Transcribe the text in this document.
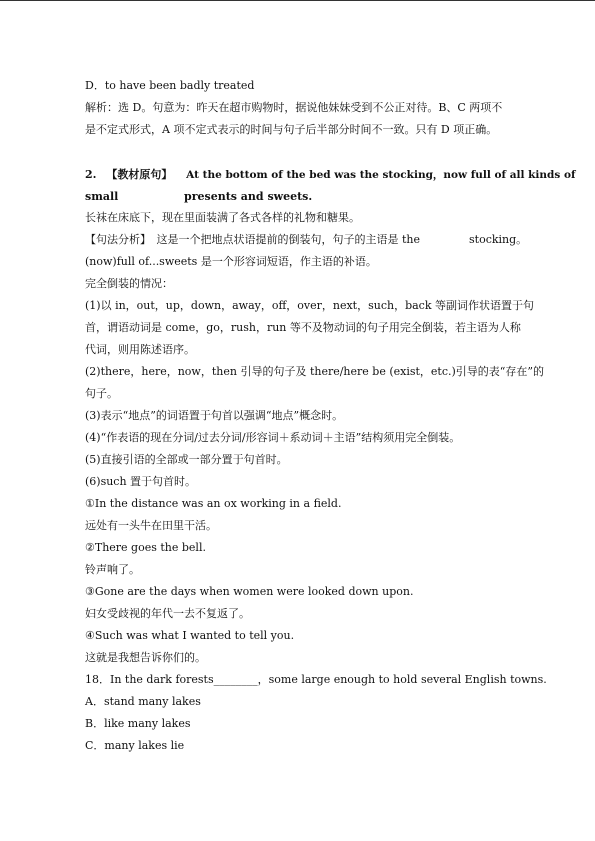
D．to have been badly treated
解析：选 D。句意为：昨天在超市购物时，据说他妹妹受到不公正对待。B、C 两项不
是不定式形式，A 项不定式表示的时间与句子后半部分时间不一致。只有 D 项正确。
2. 【教材原句】 At the bottom of the bed was the stocking，now full of all kinds of
small	presents and sweets.
长袜在床底下，现在里面装满了各式各样的礼物和糖果。
【句法分析】　这是一个把地点状语提前的倒装句，句子的主语是 the	stocking。
(now)full of...sweets 是一个形容词短语，作主语的补语。
完全倒装的情况：
(1)以 in，out，up，down，away，off，over，next，such，back 等副词作状语置于句
首，谓语动词是 come，go，rush，run 等不及物动词的句子用完全倒装，若主语为人称
代词，则用陈述语序。
(2)there，here，now，then 引导的句子及 there/here be (exist，etc.)引导的表“存在”的
句子。
(3)表示“地点”的词语置于句首以强调“地点”概念时。
(4)“作表语的现在分词/过去分词/形容词＋系动词＋主语”结构须用完全倒装。
(5)直接引语的全部或一部分置于句首时。
(6)such 置于句首时。
①In the distance was an ox working in a field.
远处有一头牛在田里干活。
②There goes the bell.
铃声响了。
③Gone are the days when women were looked down upon.
妇女受歧视的年代一去不复返了。
④Such was what I wanted to tell you.
这就是我想告诉你们的。
18．In the dark forests________，some large enough to hold several English towns.
A．stand many lakes
B．like many lakes
C．many lakes lie
